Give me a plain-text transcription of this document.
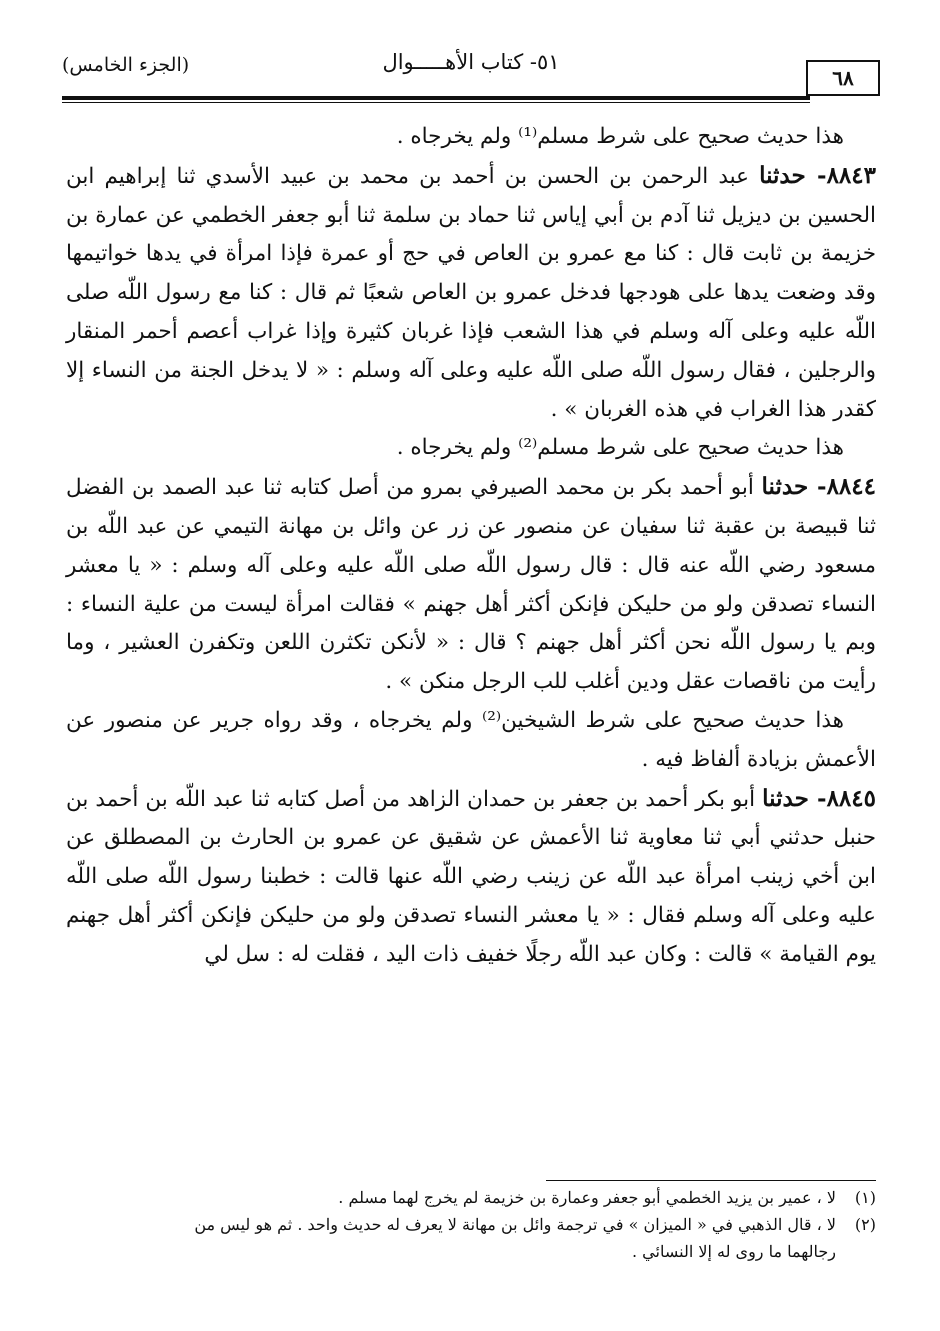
٦٨
٥١- كتاب الأهـــــوال
(الجزء الخامس)

هذا حديث صحيح على شرط مسلم⁽¹⁾ ولم يخرجاه .

٨٨٤٣- حدثنا عبد الرحمن بن الحسن بن أحمد بن محمد بن عبيد الأسدي ثنا إبراهيم ابن الحسين بن ديزيل ثنا آدم بن أبي إياس ثنا حماد بن سلمة ثنا أبو جعفر الخطمي عن عمارة بن خزيمة بن ثابت قال : كنا مع عمرو بن العاص في حج أو عمرة فإذا امرأة في يدها خواتيمها وقد وضعت يدها على هودجها فدخل عمرو بن العاص شعبًا ثم قال : كنا مع رسول اللّه صلى اللّه عليه وعلى آله وسلم في هذا الشعب فإذا غربان كثيرة وإذا غراب أعصم أحمر المنقار والرجلين ، فقال رسول اللّه صلى اللّه عليه وعلى آله وسلم : « لا يدخل الجنة من النساء إلا كقدر هذا الغراب في هذه الغربان » .

هذا حديث صحيح على شرط مسلم⁽²⁾ ولم يخرجاه .

٨٨٤٤- حدثنا أبو أحمد بكر بن محمد الصيرفي بمرو من أصل كتابه ثنا عبد الصمد بن الفضل ثنا قبيصة بن عقبة ثنا سفيان عن منصور عن زر عن وائل بن مهانة التيمي عن عبد اللّه بن مسعود رضي اللّه عنه قال : قال رسول اللّه صلى اللّه عليه وعلى آله وسلم : « يا معشر النساء تصدقن ولو من حليكن فإنكن أكثر أهل جهنم » فقالت امرأة ليست من علية النساء : وبم يا رسول اللّه نحن أكثر أهل جهنم ؟ قال : « لأنكن تكثرن اللعن وتكفرن العشير ، وما رأيت من ناقصات عقل ودين أغلب للب الرجل منكن » .

هذا حديث صحيح على شرط الشيخين⁽²⁾ ولم يخرجاه ، وقد رواه جرير عن منصور عن الأعمش بزيادة ألفاظ فيه .

٨٨٤٥- حدثنا أبو بكر أحمد بن جعفر بن حمدان الزاهد من أصل كتابه ثنا عبد اللّه بن أحمد بن حنبل حدثني أبي ثنا معاوية ثنا الأعمش عن شقيق عن عمرو بن الحارث بن المصطلق عن ابن أخي زينب امرأة عبد اللّه عن زينب رضي اللّه عنها قالت : خطبنا رسول اللّه صلى اللّه عليه وعلى آله وسلم فقال : « يا معشر النساء تصدقن ولو من حليكن فإنكن أكثر أهل جهنم يوم القيامة » قالت : وكان عبد اللّه رجلًا خفيف ذات اليد ، فقلت له : سل لي

(١)لا ، عمير بن يزيد الخطمي أبو جعفر وعمارة بن خزيمة لم يخرج لهما مسلم .

(٢)لا ، قال الذهبي في « الميزان » في ترجمة وائل بن مهانة لا يعرف له حديث واحد . ثم هو ليس من

رجالهما ما روى له إلا النسائي .
